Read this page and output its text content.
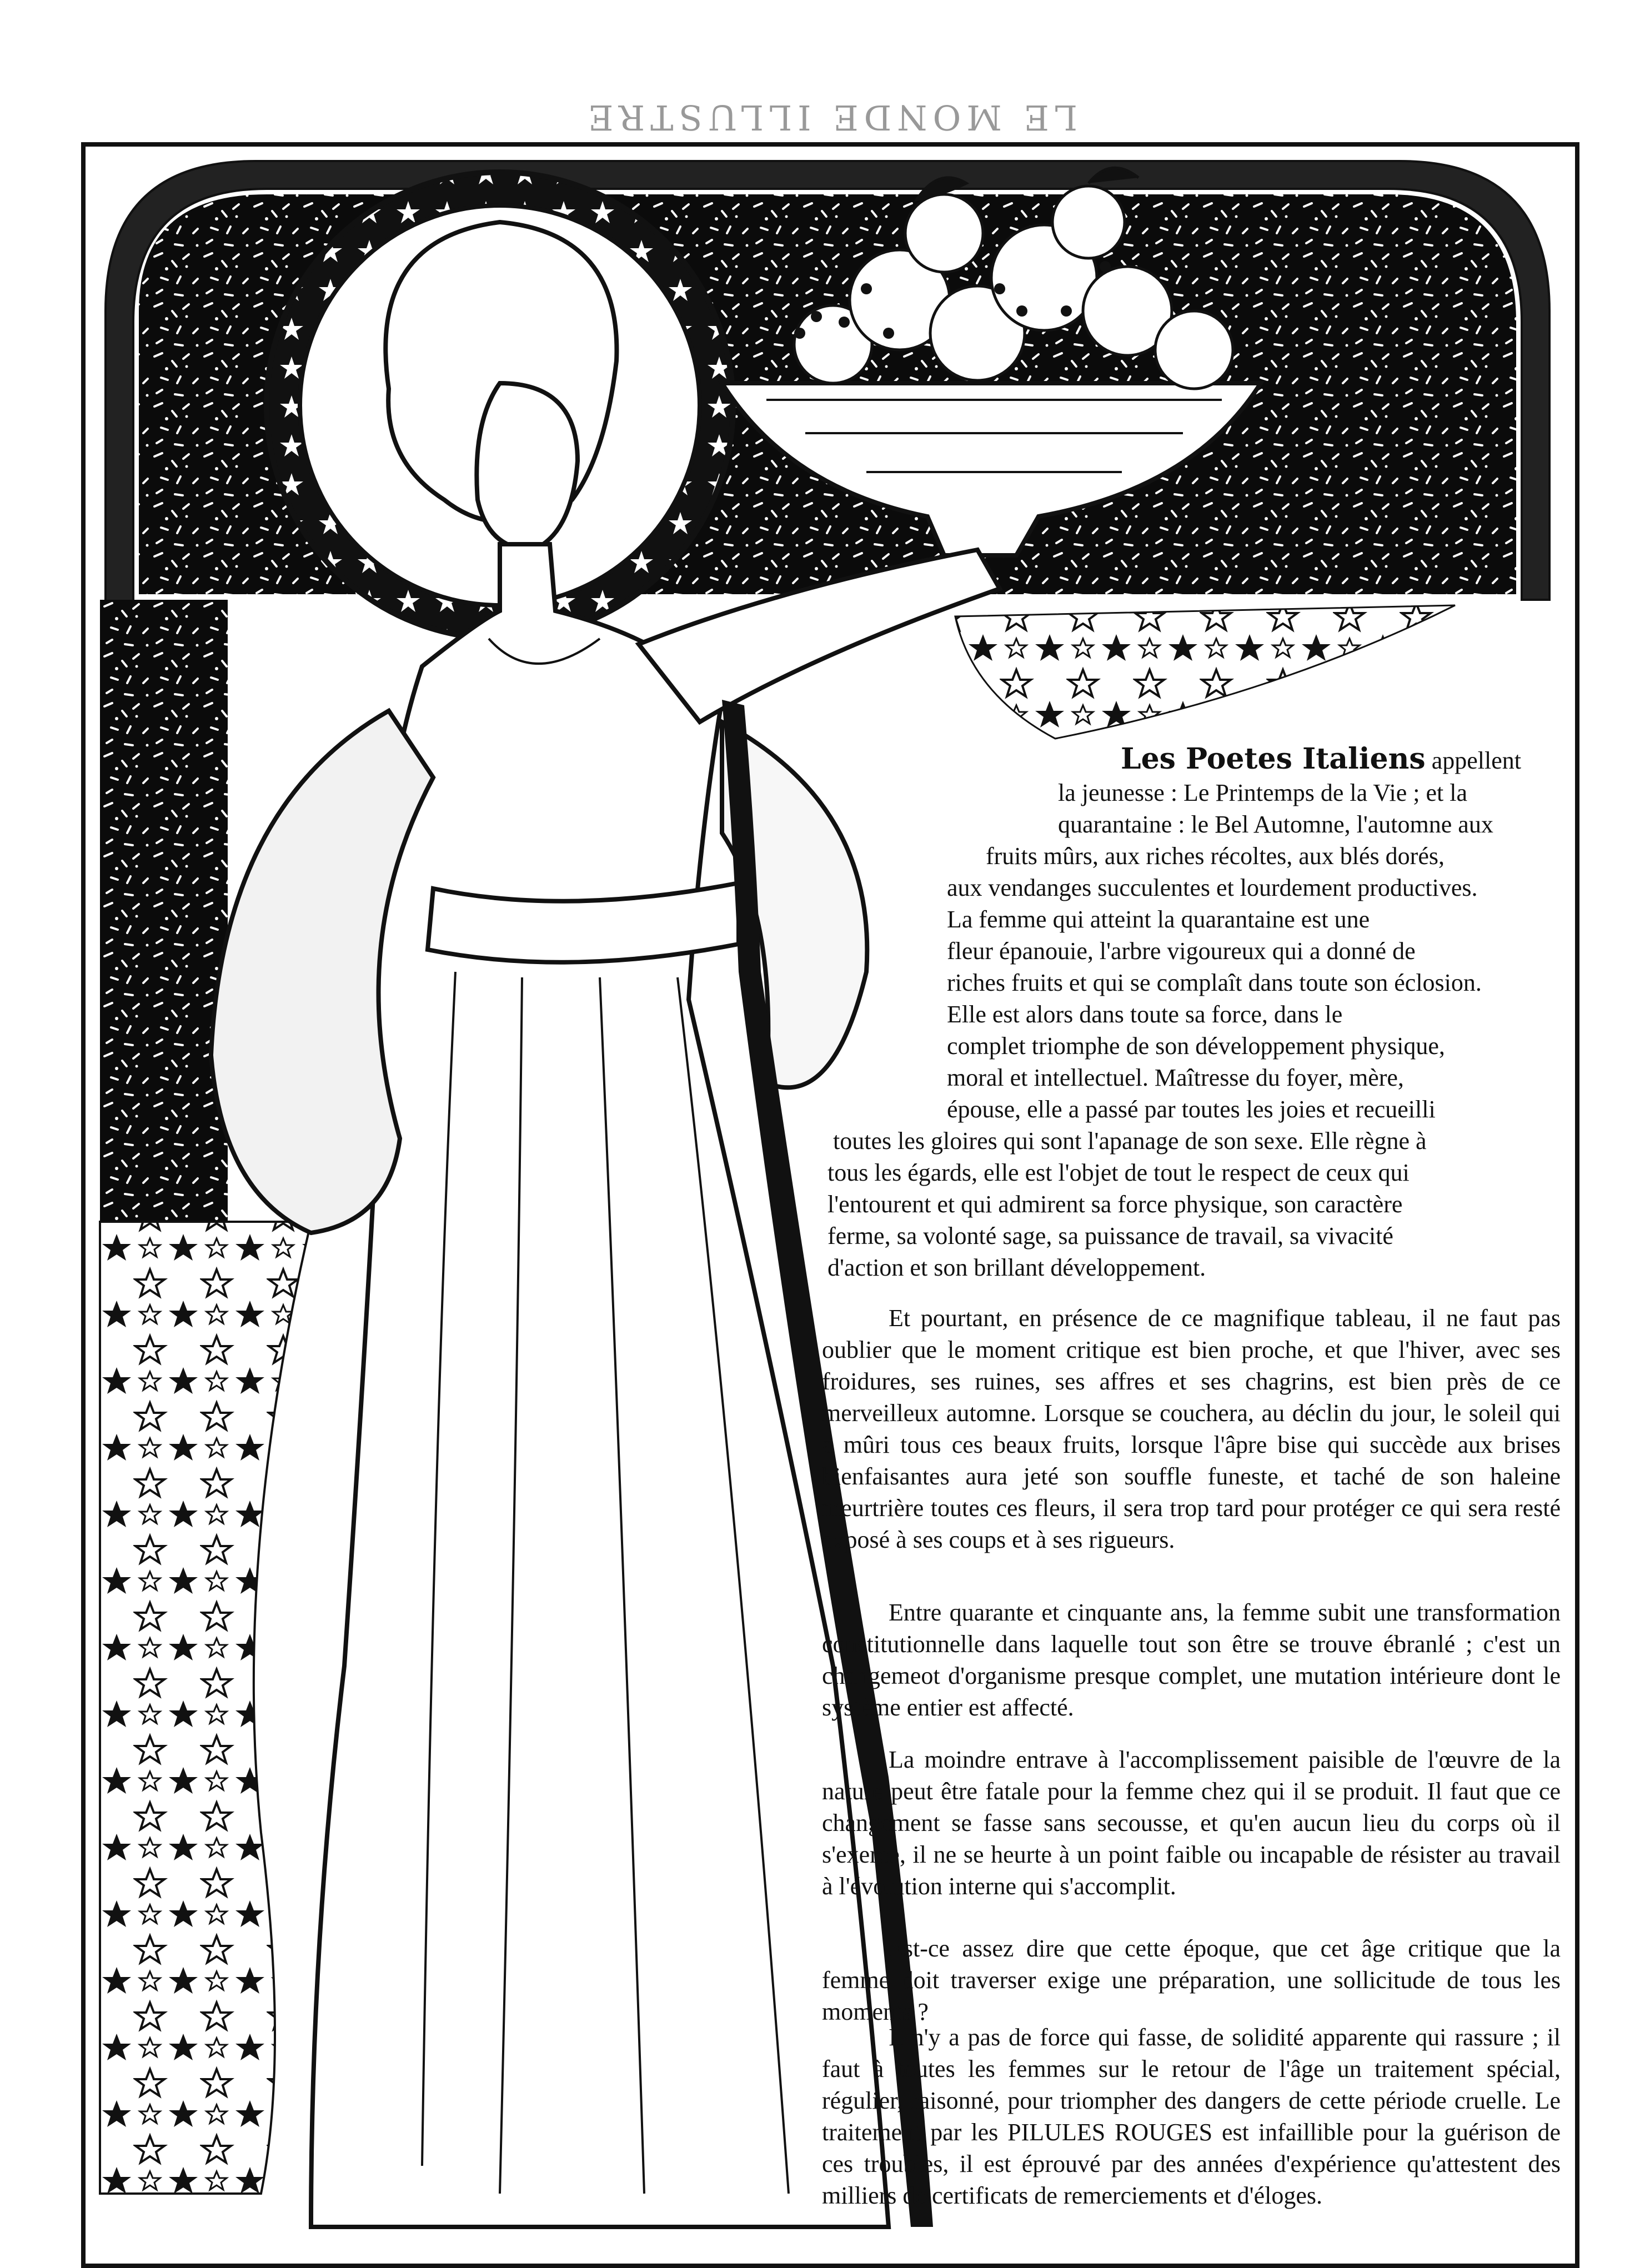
LE MONDE ILLUSTRE
Les Poetes Italiens appellent
la jeunesse : Le Printemps de la Vie ; et la
quarantaine : le Bel Automne, l'automne aux
fruits mûrs, aux riches récoltes, aux blés dorés,
aux vendanges succulentes et lourdement productives.
La femme qui atteint la quarantaine est une
fleur épanouie, l'arbre vigoureux qui a donné de
riches fruits et qui se complaît dans toute son éclosion.
Elle est alors dans toute sa force, dans le
complet triomphe de son développement physique,
moral et intellectuel. Maîtresse du foyer, mère,
épouse, elle a passé par toutes les joies et recueilli
toutes les gloires qui sont l'apanage de son sexe. Elle règne à
tous les égards, elle est l'objet de tout le respect de ceux qui
l'entourent et qui admirent sa force physique, son caractère
ferme, sa volonté sage, sa puissance de travail, sa vivacité
d'action et son brillant développement.

Et pourtant, en présence de ce magnifique tableau, il ne faut pas oublier que le moment critique est bien proche, et que l'hiver, avec ses froidures, ses ruines, ses affres et ses chagrins, est bien près de ce merveilleux automne. Lorsque se couchera, au déclin du jour, le soleil qui a mûri tous ces beaux fruits, lorsque l'âpre bise qui succède aux brises bienfaisantes aura jeté son souffle funeste, et taché de son haleine meurtrière toutes ces fleurs, il sera trop tard pour protéger ce qui sera resté exposé à ses coups et à ses rigueurs.

Entre quarante et cinquante ans, la femme subit une transformation constitutionnelle dans laquelle tout son être se trouve ébranlé ; c'est un changemeot d'organisme presque complet, une mutation intérieure dont le système entier est affecté.

La moindre entrave à l'accomplissement paisible de l'œuvre de la nature peut être fatale pour la femme chez qui il se produit. Il faut que ce changement se fasse sans secousse, et qu'en aucun lieu du corps où il s'exerce, il ne se heurte à un point faible ou incapable de résister au travail à l'évolution interne qui s'accomplit.

Est-ce assez dire que cette époque, que cet âge critique que la femme doit traverser exige une préparation, une sollicitude de tous les moments ?

Il n'y a pas de force qui fasse, de solidité apparente qui rassure ; il faut à toutes les femmes sur le retour de l'âge un traitement spécial, régulier, raisonné, pour triompher des dangers de cette période cruelle. Le traitement par les PILULES ROUGES est infaillible pour la guérison de ces troubles, il est éprouvé par des années d'expérience qu'attestent des milliers de certificats de remerciements et d'éloges.
